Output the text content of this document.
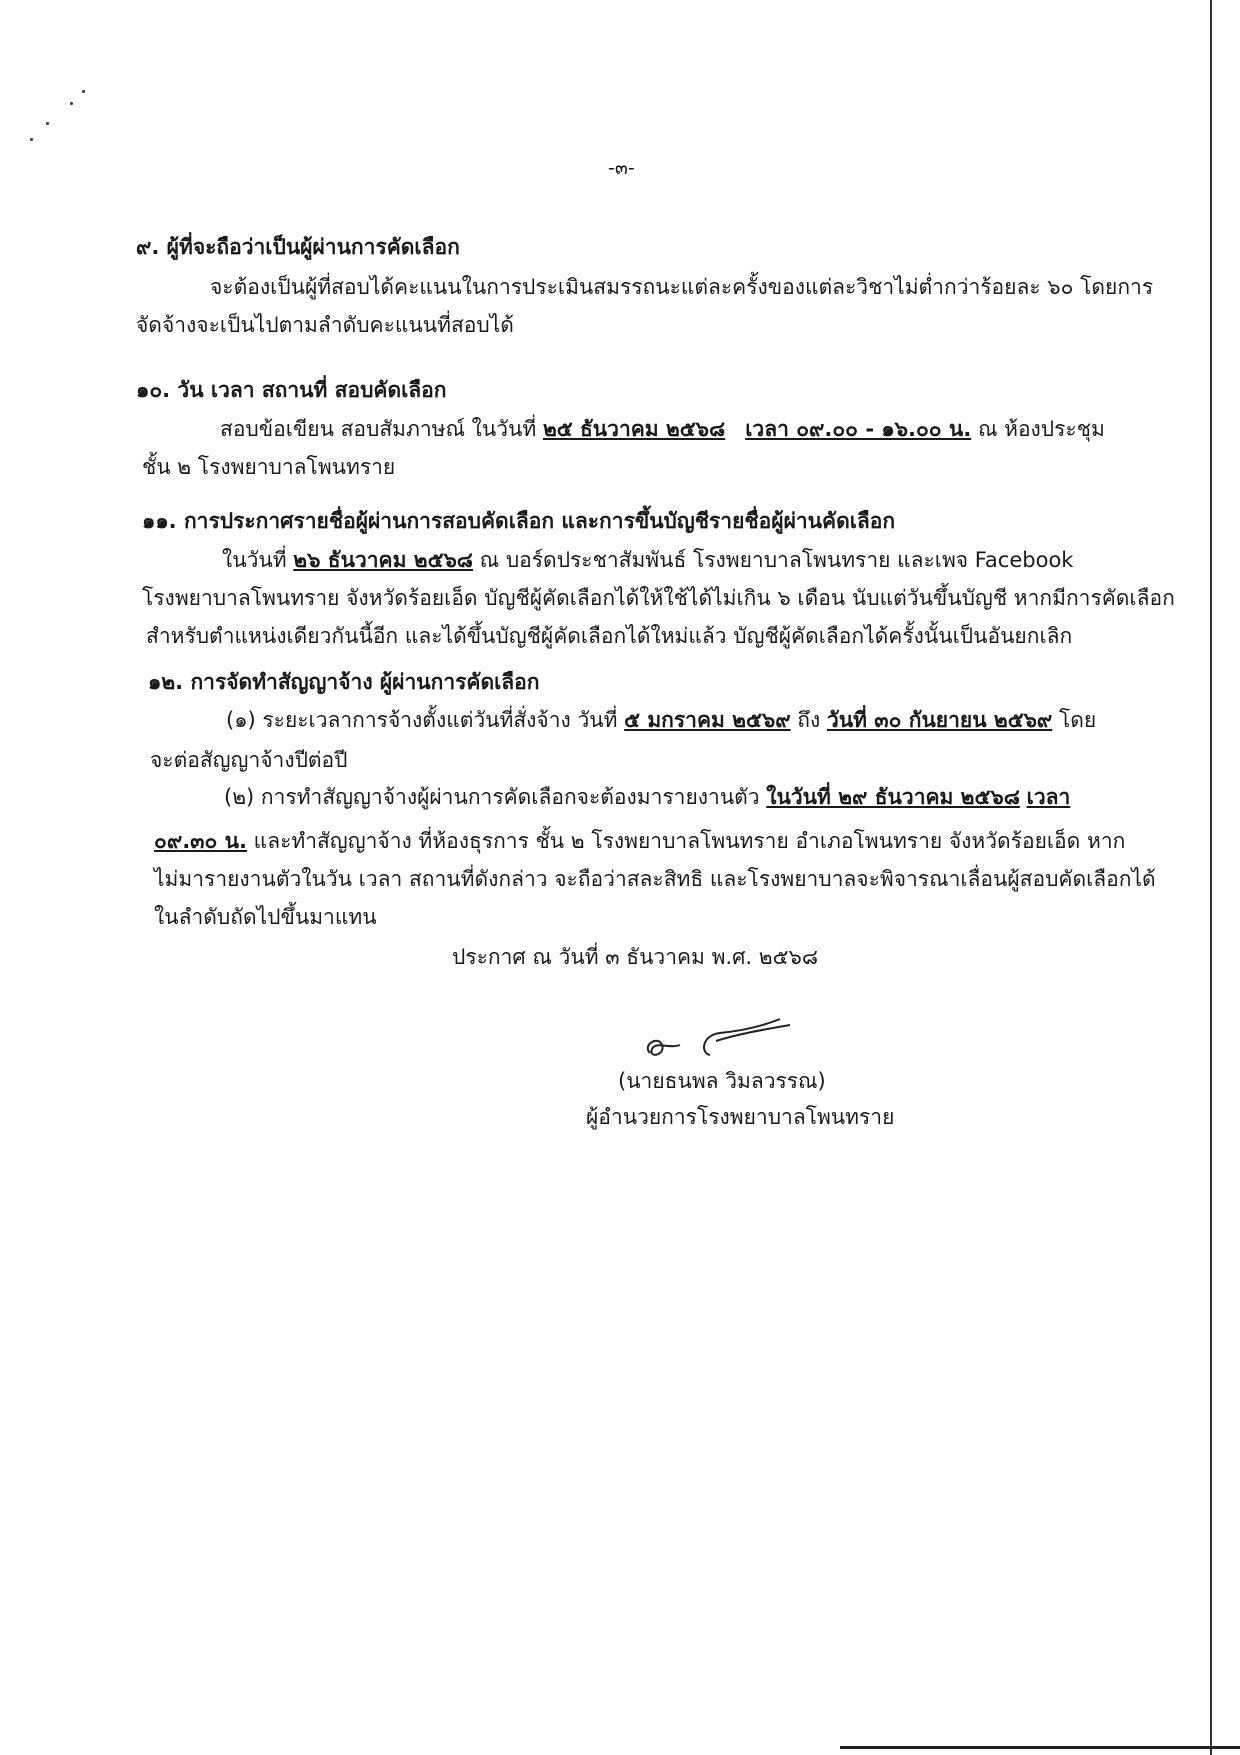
-๓-
๙. ผู้ที่จะถือว่าเป็นผู้ผ่านการคัดเลือก
จะต้องเป็นผู้ที่สอบได้คะแนนในการประเมินสมรรถนะแต่ละครั้งของแต่ละวิชาไม่ต่ำกว่าร้อยละ ๖๐ โดยการ
จัดจ้างจะเป็นไปตามลำดับคะแนนที่สอบได้
๑๐. วัน เวลา สถานที่ สอบคัดเลือก
สอบข้อเขียน สอบสัมภาษณ์ ในวันที่ ๒๕ ธันวาคม ๒๕๖๘ เวลา ๐๙.๐๐ - ๑๖.๐๐ น. ณ ห้องประชุม
ชั้น ๒ โรงพยาบาลโพนทราย
๑๑. การประกาศรายชื่อผู้ผ่านการสอบคัดเลือก และการขึ้นบัญชีรายชื่อผู้ผ่านคัดเลือก
ในวันที่ ๒๖ ธันวาคม ๒๕๖๘ ณ บอร์ดประชาสัมพันธ์ โรงพยาบาลโพนทราย และเพจ Facebook
โรงพยาบาลโพนทราย จังหวัดร้อยเอ็ด บัญชีผู้คัดเลือกได้ให้ใช้ได้ไม่เกิน ๖ เดือน นับแต่วันขึ้นบัญชี หากมีการคัดเลือก
สำหรับตำแหน่งเดียวกันนี้อีก และได้ขึ้นบัญชีผู้คัดเลือกได้ใหม่แล้ว บัญชีผู้คัดเลือกได้ครั้งนั้นเป็นอันยกเลิก
๑๒. การจัดทำสัญญาจ้าง ผู้ผ่านการคัดเลือก
(๑) ระยะเวลาการจ้างตั้งแต่วันที่สั่งจ้าง วันที่ ๕ มกราคม ๒๕๖๙ ถึง วันที่ ๓๐ กันยายน ๒๕๖๙ โดย
จะต่อสัญญาจ้างปีต่อปี
(๒) การทำสัญญาจ้างผู้ผ่านการคัดเลือกจะต้องมารายงานตัว ในวันที่ ๒๙ ธันวาคม ๒๕๖๘ เวลา
๐๙.๓๐ น. และทำสัญญาจ้าง ที่ห้องธุรการ ชั้น ๒ โรงพยาบาลโพนทราย อำเภอโพนทราย จังหวัดร้อยเอ็ด หาก
ไม่มารายงานตัวในวัน เวลา สถานที่ดังกล่าว จะถือว่าสละสิทธิ และโรงพยาบาลจะพิจารณาเลื่อนผู้สอบคัดเลือกได้
ในลำดับถัดไปขึ้นมาแทน
ประกาศ ณ วันที่ ๓ ธันวาคม พ.ศ. ๒๕๖๘
(นายธนพล วิมลวรรณ)
ผู้อำนวยการโรงพยาบาลโพนทราย
